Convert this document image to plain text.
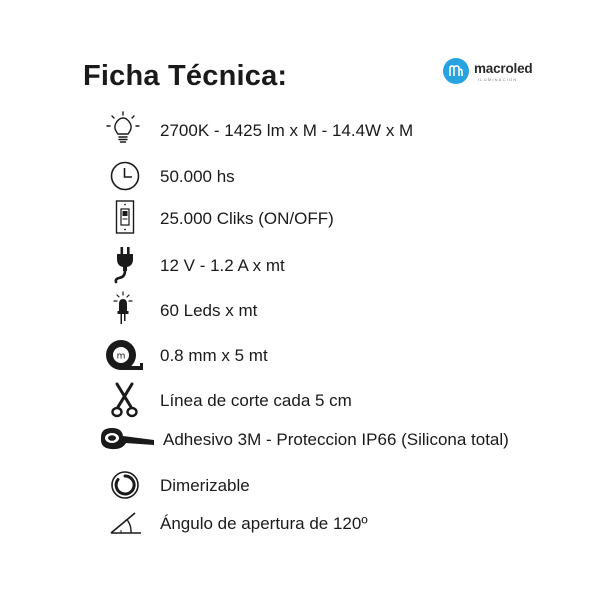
Ficha Técnica:	macroled
ILUMINACION
2700K - 1425 lm x M - 14.4W x M
50.000 hs
25.000 Cliks (ON/OFF)
12 V - 1.2 A x mt
60 Leds x mt
m 0.8 mm x 5 mt
Línea de corte cada 5 cm
Adhesivo 3M - Proteccion IP66 (Silicona total)
Dimerizable
Ángulo de apertura de 120º
